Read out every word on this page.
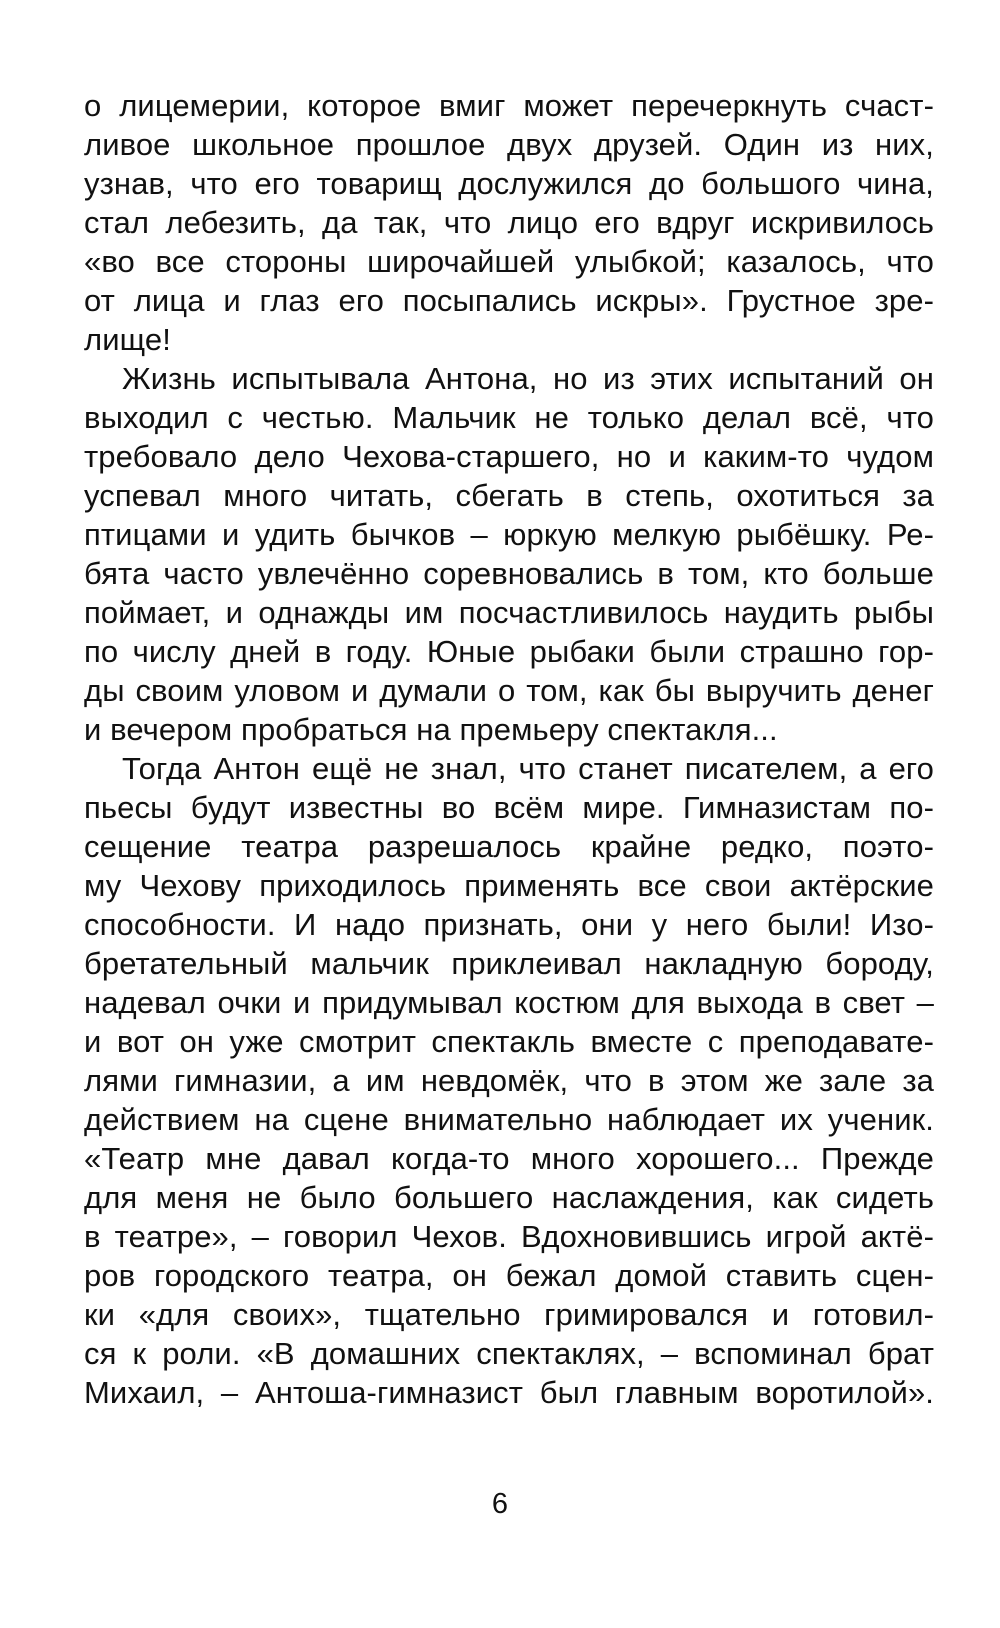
о лицемерии, которое вмиг может перечеркнуть счаст-
ливое школьное прошлое двух друзей. Один из них,
узнав, что его товарищ дослужился до большого чина,
стал лебезить, да так, что лицо его вдруг искривилось
«во все стороны широчайшей улыбкой; казалось, что
от лица и глаз его посыпались искры». Грустное зре-
лище!
Жизнь испытывала Антона, но из этих испытаний он
выходил с честью. Мальчик не только делал всё, что
требовало дело Чехова-старшего, но и каким-то чудом
успевал много читать, сбегать в степь, охотиться за
птицами и удить бычков – юркую мелкую рыбёшку. Ре-
бята часто увлечённо соревновались в том, кто больше
поймает, и однажды им посчастливилось наудить рыбы
по числу дней в году. Юные рыбаки были страшно гор-
ды своим уловом и думали о том, как бы выручить денег
и вечером пробраться на премьеру спектакля...
Тогда Антон ещё не знал, что станет писателем, а его
пьесы будут известны во всём мире. Гимназистам по-
сещение театра разрешалось крайне редко, поэто-
му Чехову приходилось применять все свои актёрские
способности. И надо признать, они у него были! Изо-
бретательный мальчик приклеивал накладную бороду,
надевал очки и придумывал костюм для выхода в свет –
и вот он уже смотрит спектакль вместе с преподавате-
лями гимназии, а им невдомёк, что в этом же зале за
действием на сцене внимательно наблюдает их ученик.
«Театр мне давал когда-то много хорошего... Прежде
для меня не было большего наслаждения, как сидеть
в театре», – говорил Чехов. Вдохновившись игрой актё-
ров городского театра, он бежал домой ставить сцен-
ки «для своих», тщательно гримировался и готовил-
ся к роли. «В домашних спектаклях, – вспоминал брат
Михаил, – Антоша-гимназист был главным воротилой».
6
